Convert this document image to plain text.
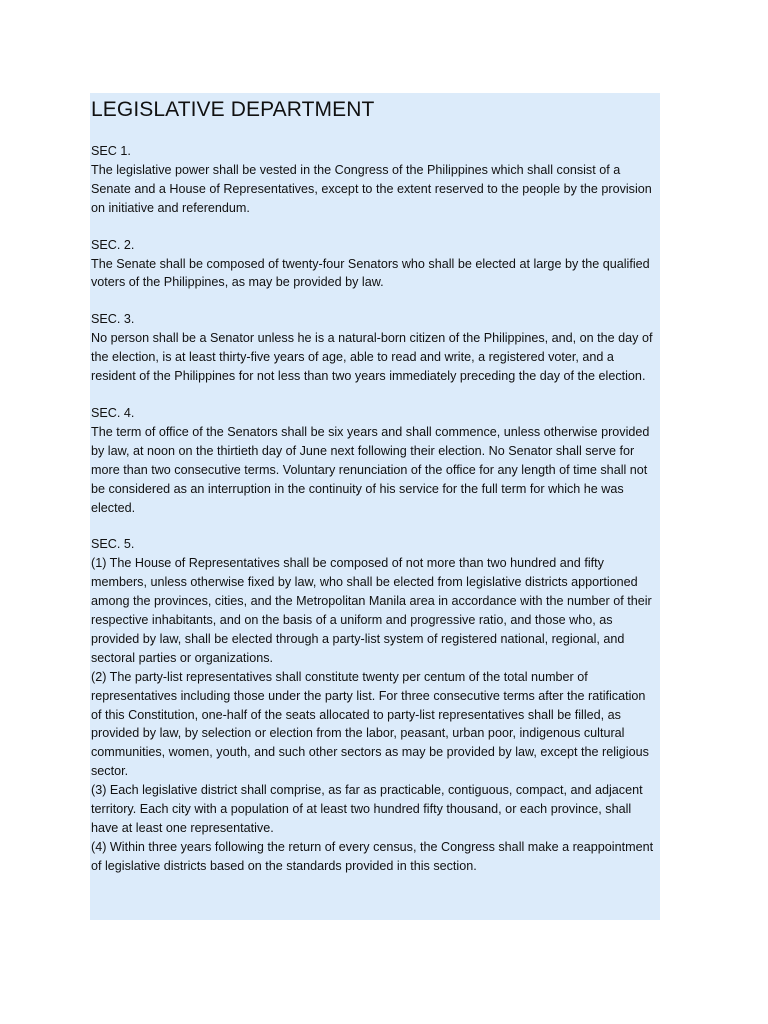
LEGISLATIVE DEPARTMENT

SEC 1.

The legislative power shall be vested in the Congress of the Philippines which shall consist of a Senate and a House of Representatives, except to the extent reserved to the people by the provision on initiative and referendum.

SEC. 2.

The Senate shall be composed of twenty-four Senators who shall be elected at large by the qualified voters of the Philippines, as may be provided by law.

SEC. 3.

No person shall be a Senator unless he is a natural-born citizen of the Philippines, and, on the day of the election, is at least thirty-five years of age, able to read and write, a registered voter, and a resident of the Philippines for not less than two years immediately preceding the day of the election.

SEC. 4.

The term of office of the Senators shall be six years and shall commence, unless otherwise provided by law, at noon on the thirtieth day of June next following their election. No Senator shall serve for more than two consecutive terms. Voluntary renunciation of the office for any length of time shall not be considered as an interruption in the continuity of his service for the full term for which he was elected.

SEC. 5.

(1) The House of Representatives shall be composed of not more than two hundred and fifty members, unless otherwise fixed by law, who shall be elected from legislative districts apportioned among the provinces, cities, and the Metropolitan Manila area in accordance with the number of their respective inhabitants, and on the basis of a uniform and progressive ratio, and those who, as provided by law, shall be elected through a party-list system of registered national, regional, and sectoral parties or organizations.

(2) The party-list representatives shall constitute twenty per centum of the total number of representatives including those under the party list. For three consecutive terms after the ratification of this Constitution, one-half of the seats allocated to party-list representatives shall be filled, as provided by law, by selection or election from the labor, peasant, urban poor, indigenous cultural communities, women, youth, and such other sectors as may be provided by law, except the religious sector.

(3) Each legislative district shall comprise, as far as practicable, contiguous, compact, and adjacent territory. Each city with a population of at least two hundred fifty thousand, or each province, shall have at least one representative.

(4) Within three years following the return of every census, the Congress shall make a reappointment of legislative districts based on the standards provided in this section.
